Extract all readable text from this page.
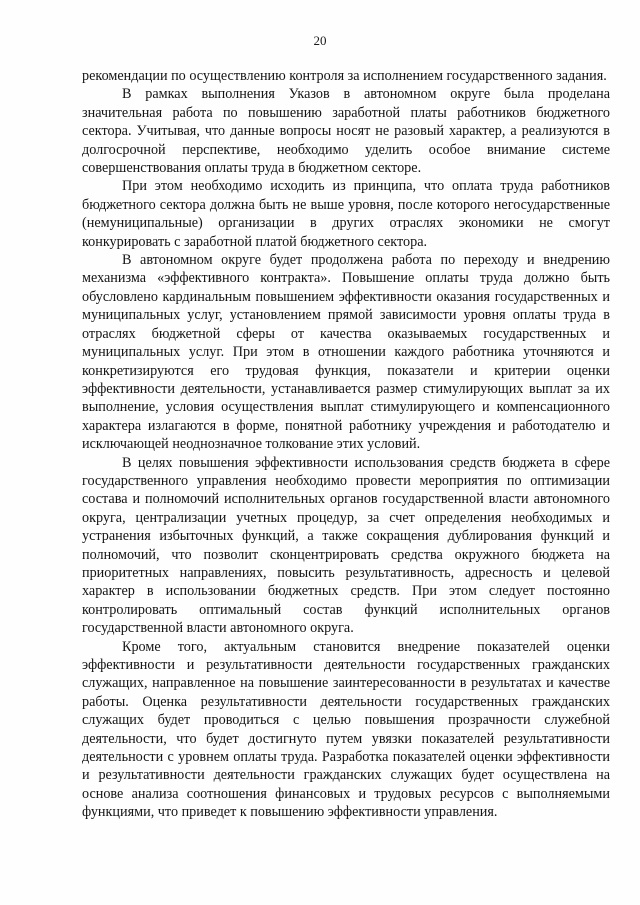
20

рекомендации по осуществлению контроля за исполнением государственного задания.

В рамках выполнения Указов в автономном округе была проделана значительная работа по повышению заработной платы работников бюджетного сектора. Учитывая, что данные вопросы носят не разовый характер, а реализуются в долгосрочной перспективе, необходимо уделить особое внимание системе совершенствования оплаты труда в бюджетном секторе.

При этом необходимо исходить из принципа, что оплата труда работников бюджетного сектора должна быть не выше уровня, после которого негосударственные (немуниципальные) организации в других отраслях экономики не смогут конкурировать с заработной платой бюджетного сектора.

В автономном округе будет продолжена работа по переходу и внедрению механизма «эффективного контракта». Повышение оплаты труда должно быть обусловлено кардинальным повышением эффективности оказания государственных и муниципальных услуг, установлением прямой зависимости уровня оплаты труда в отраслях бюджетной сферы от качества оказываемых государственных и муниципальных услуг. При этом в отношении каждого работника уточняются и конкретизируются его трудовая функция, показатели и критерии оценки эффективности деятельности, устанавливается размер стимулирующих выплат за их выполнение, условия осуществления выплат стимулирующего и компенсационного характера излагаются в форме, понятной работнику учреждения и работодателю и исключающей неоднозначное толкование этих условий.

В целях повышения эффективности использования средств бюджета в сфере государственного управления необходимо провести мероприятия по оптимизации состава и полномочий исполнительных органов государственной власти автономного округа, централизации учетных процедур, за счет определения необходимых и устранения избыточных функций, а также сокращения дублирования функций и полномочий, что позволит сконцентрировать средства окружного бюджета на приоритетных направлениях, повысить результативность, адресность и целевой характер в использовании бюджетных средств. При этом следует постоянно контролировать оптимальный состав функций исполнительных органов государственной власти автономного округа.

Кроме того, актуальным становится внедрение показателей оценки эффективности и результативности деятельности государственных гражданских служащих, направленное на повышение заинтересованности в результатах и качестве работы. Оценка результативности деятельности государственных гражданских служащих будет проводиться с целью повышения прозрачности служебной деятельности, что будет достигнуто путем увязки показателей результативности деятельности с уровнем оплаты труда. Разработка показателей оценки эффективности и результативности деятельности гражданских служащих будет осуществлена на основе анализа соотношения финансовых и трудовых ресурсов с выполняемыми функциями, что приведет к повышению эффективности управления.
